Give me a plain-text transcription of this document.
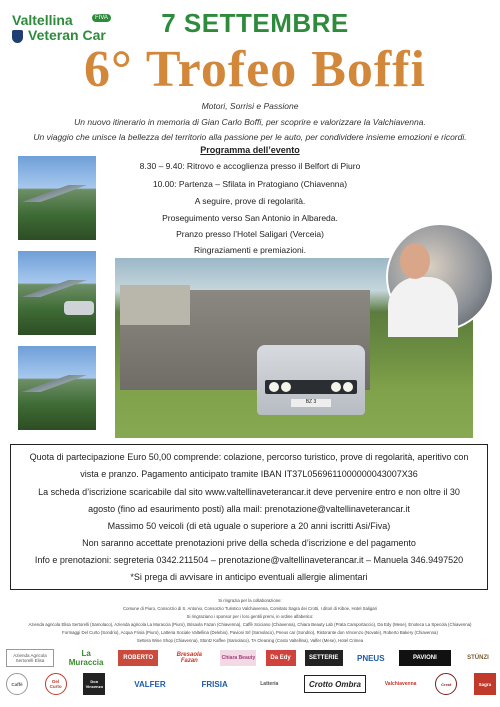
Valtellina
Veteran Car
FIVA	7 SETTEMBRE
6° Trofeo Boffi
Motori, Sorrisi e Passione
Un nuovo itinerario in memoria di Gian Carlo Boffi, per scoprire e valorizzare la Valchiavenna.
Un viaggio che unisce la bellezza del territorio alla passione per le auto, per condividere insieme emozioni e ricordi.
Programma dell’evento
8.30 – 9.40: Ritrovo e accoglienza presso il Belfort di Piuro
10.00: Partenza – Sfilata in Pratogiano (Chiavenna)
A seguire, prove di regolarità.
Proseguimento verso San Antonio in Albareda.
Pranzo presso l’Hotel Saligari (Verceia)
Ringraziamenti e premiazioni.
BZ 3
Quota di partecipazione Euro 50,00 comprende: colazione, percorso turistico, prove di regolarità, aperitivo con
vista e pranzo. Pagamento anticipato tramite IBAN IT37L0569611000000043007X36
La scheda d’iscrizione scaricabile dal sito www.valtellinaveterancar.it deve pervenire entro e non oltre il 30
agosto (fino ad esaurimento posti) alla mail: prenotazione@valtellinaveterancar.it
Massimo 50 veicoli (di età uguale o superiore a 20 anni iscritti Asi/Fiva)
Non saranno accettate prenotazioni prive della scheda d’iscrizione e del pagamento
Info e prenotazioni: segreteria 0342.211504 – prenotazione@valtellinaveterancar.it – Manuela 346.9497520
*Si prega di avvisare in anticipo eventuali allergie alimentari
Si ringrazia per la collaborazione:
Comune di Piuro, Consorzio di S. Antonio, Consorzio Turistico Valchiavenna, Comitato Sagra dei Crotti, I ditori di Kiboe, Hotel Saligari
Si ringraziano i sponsor per i loro gentili premi, in ordine alfabetico:
Azienda agricola Elisa Sertorelli (Samolaco), Azienda agricola La Muraccia (Piuro), Brisaola Fazan (Chiavenna), Caffè Sciciano (Chiavenna), Chiara Beauty Lab (Prata Camportaccio), Da Edy (Mese), Enoteca La Specola (Chiavenna)
Formaggi Del Curto (Sondrio), Acqua Frisia (Piuro), Latteria Sociale Valtellina (Delebio), Pavioni Srl (Samolaco), Pneus car (Sondrio), Ristorante don Vincenzo (Novate), Roberto Bakery (Chiavenna)
Settera Wine Shop (Chiavenna), Stüntz Kaffee (Samolaco), TA Cleaning (Costo Valtellina), Valfer (Mese), Hotel Crimea
Azienda Agricola Sertorelli Elisa
La Muraccia	ROBERTO	Bresaola Fazan	Chiara Beauty	Da Edy	SETTERIE	PNEUS	PAVIONI	STÜNZI
Caffè	Del Curto
Don Vincenzo	VALFER	FRISIA	Latteria	Crotto Ombra	Valchiavenna	Crest	Sagra
